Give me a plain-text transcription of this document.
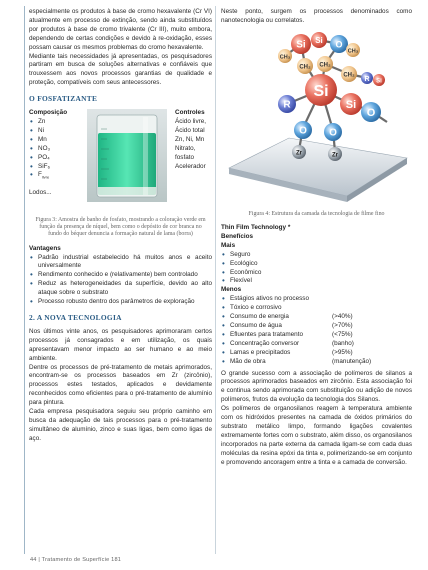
especialmente os produtos à base de cromo hexavalente (Cr VI) atualmente em processo de extinção, sendo ainda substituídos por produtos à base de cromo trivalente (Cr III), muito embora, dependendo de certas condições e devido à re-oxidação, esses possam causar os mesmos problemas do cromo hexavalente.

Mediante tais necessidades já apresentadas, os pesquisadores partiram em busca de soluções alternativas e confiáveis que trouxessem aos novos processos garantias de qualidade e proteção, compatíveis com seus antecessores.

O FOSFATIZANTE
Composição
• Zn
• Ni
• Mn
• NO₃
• PO₄
• SiF₆
• $F_{livre}$
Lodos...
Controles
Ácido livre,
Ácido total
Zn, Ni, Mn
Nitrato, fosfato
Acelerador
Figura 3: Amostra de banho de fosfato, mostrando a coloração verde em função da presença de níquel, bem como o depósito de cor branca no fundo do béquer denuncia a formação natural de lama (borra)
Vantagens
• Padrão industrial estabelecido há muitos anos e aceito universalmente
• Rendimento conhecido e (relativamente) bem controlado
• Reduz as heterogeneidades da superfície, devido ao alto ataque sobre o substrato
• Processo robusto dentro dos parâmetros de exploração
2. A NOVA TECNOLOGIA

Nos últimos vinte anos, os pesquisadores aprimoraram certos processos já consagrados e em utilização, os quais apresentavam menor impacto ao ser humano e ao meio ambiente.

Dentre os processos de pré-tratamento de metais aprimorados, encontram-se os processos baseados em Zr (zircônio), processos estes testados, aplicados e devidamente reconhecidos como eficientes para o pré-tratamento de alumínio para pintura.

Cada empresa pesquisadora seguiu seu próprio caminho em busca da adequação de tais processos para o pré-tratamento simultâneo de alumínio, zinco e suas ligas, bem como ligas de aço.

Neste ponto, surgem os processos denominados como nanotecnologia ou correlatos.

Si Si O
CH₃
CH₃
CH₂ CH₂
CH₂
R Si
Si
R	Si
O
O O
Zr	Zr
Figura 4: Estrutura da camada da tecnologia de filme fino
Thin Film Technology *
Benefícios
Mais
• Seguro
• Ecológico
• Econômico
• Flexível
Menos
• Estágios ativos no processo
• Tóxico e corrosivo
• Consumo de energia	(>40%)
• Consumo de água	(>70%)
• Efluentes para tratamento	(<75%)
• Concentração conversor	(banho)
• Lamas e precipitados	(>95%)
• Mão de obra	(manutenção)

O grande sucesso com a associação de polímeros de silanos a processos aprimorados baseados em zircônio. Esta associação foi e continua sendo aprimorada com substituição ou adição de novos polímeros, frutos da evolução da tecnologia dos Silanos.

Os polímeros de organosilanos reagem à temperatura ambiente com os hidróxidos presentes na camada de óxidos primários do substrato metálico limpo, formando ligações covalentes extremamente fortes com o substrato, além disso, os organosilanos incorporados na parte externa da camada ligam-se com cada duas moléculas da resina epóxi da tinta e, polimerizando-se em conjunto e promovendo ancoragem entre a tinta e a camada de conversão.

44 | Tratamento de Superfície 181
